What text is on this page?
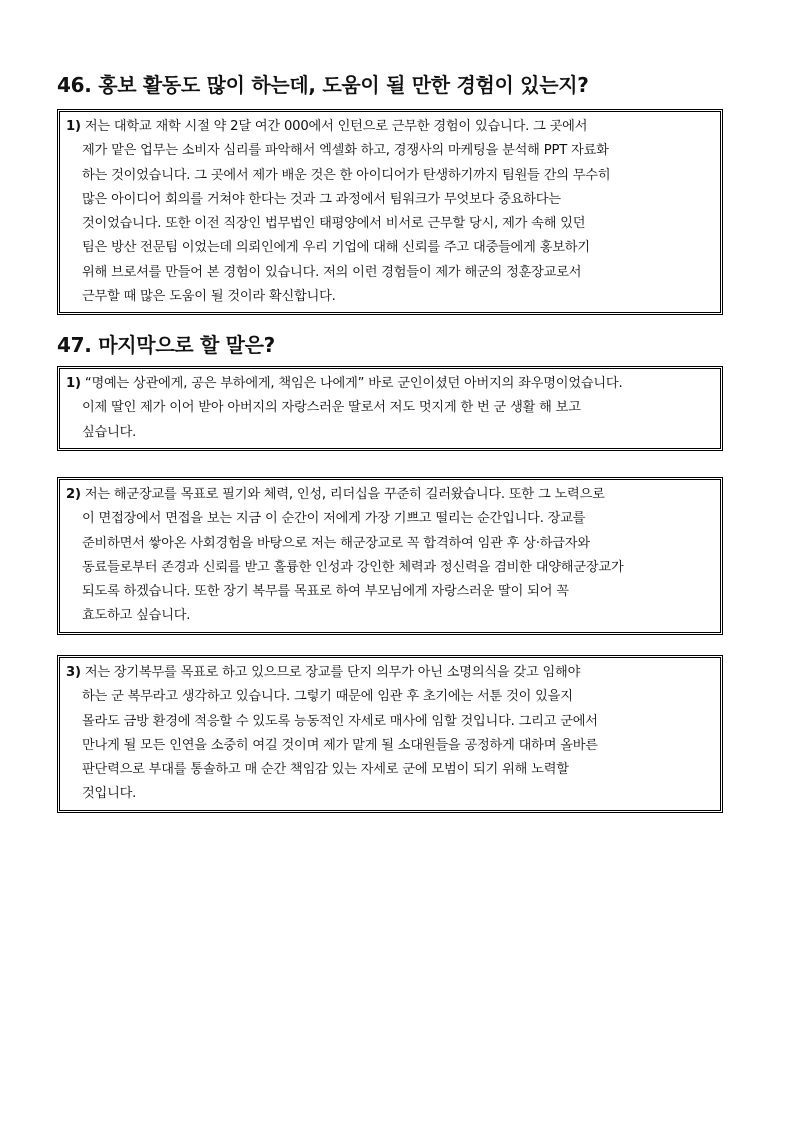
46. 홍보 활동도 많이 하는데, 도움이 될 만한 경험이 있는지?
1) 저는 대학교 재학 시절 약 2달 여간 000에서 인턴으로 근무한 경험이 있습니다. 그 곳에서
제가 맡은 업무는 소비자 심리를 파악해서 엑셀화 하고, 경쟁사의 마케팅을 분석해 PPT 자료화
하는 것이었습니다. 그 곳에서 제가 배운 것은 한 아이디어가 탄생하기까지 팀원들 간의 무수히
많은 아이디어 회의를 거쳐야 한다는 것과 그 과정에서 팀워크가 무엇보다 중요하다는
것이었습니다. 또한 이전 직장인 법무법인 태평양에서 비서로 근무할 당시, 제가 속해 있던
팀은 방산 전문팀 이었는데 의뢰인에게 우리 기업에 대해 신뢰를 주고 대중들에게 홍보하기
위해 브로셔를 만들어 본 경험이 있습니다. 저의 이런 경험들이 제가 해군의 정훈장교로서
근무할 때 많은 도움이 될 것이라 확신합니다.
47. 마지막으로 할 말은?
1) “명예는 상관에게, 공은 부하에게, 책임은 나에게” 바로 군인이셨던 아버지의 좌우명이었습니다.
이제 딸인 제가 이어 받아 아버지의 자랑스러운 딸로서 저도 멋지게 한 번 군 생활 해 보고
싶습니다.
2) 저는 해군장교를 목표로 필기와 체력, 인성, 리더십을 꾸준히 길러왔습니다. 또한 그 노력으로
이 면접장에서 면접을 보는 지금 이 순간이 저에게 가장 기쁘고 떨리는 순간입니다. 장교를
준비하면서 쌓아온 사회경험을 바탕으로 저는 해군장교로 꼭 합격하여 임관 후 상·하급자와
동료들로부터 존경과 신뢰를 받고 훌륭한 인성과 강인한 체력과 정신력을 겸비한 대양해군장교가
되도록 하겠습니다. 또한 장기 복무를 목표로 하여 부모님에게 자랑스러운 딸이 되어 꼭
효도하고 싶습니다.
3) 저는 장기복무를 목표로 하고 있으므로 장교를 단지 의무가 아닌 소명의식을 갖고 임해야
하는 군 복무라고 생각하고 있습니다. 그렇기 때문에 임관 후 초기에는 서툰 것이 있을지
몰라도 금방 환경에 적응할 수 있도록 능동적인 자세로 매사에 임할 것입니다. 그리고 군에서
만나게 될 모든 인연을 소중히 여길 것이며 제가 맡게 될 소대원들을 공정하게 대하며 올바른
판단력으로 부대를 통솔하고 매 순간 책임감 있는 자세로 군에 모범이 되기 위해 노력할
것입니다.
